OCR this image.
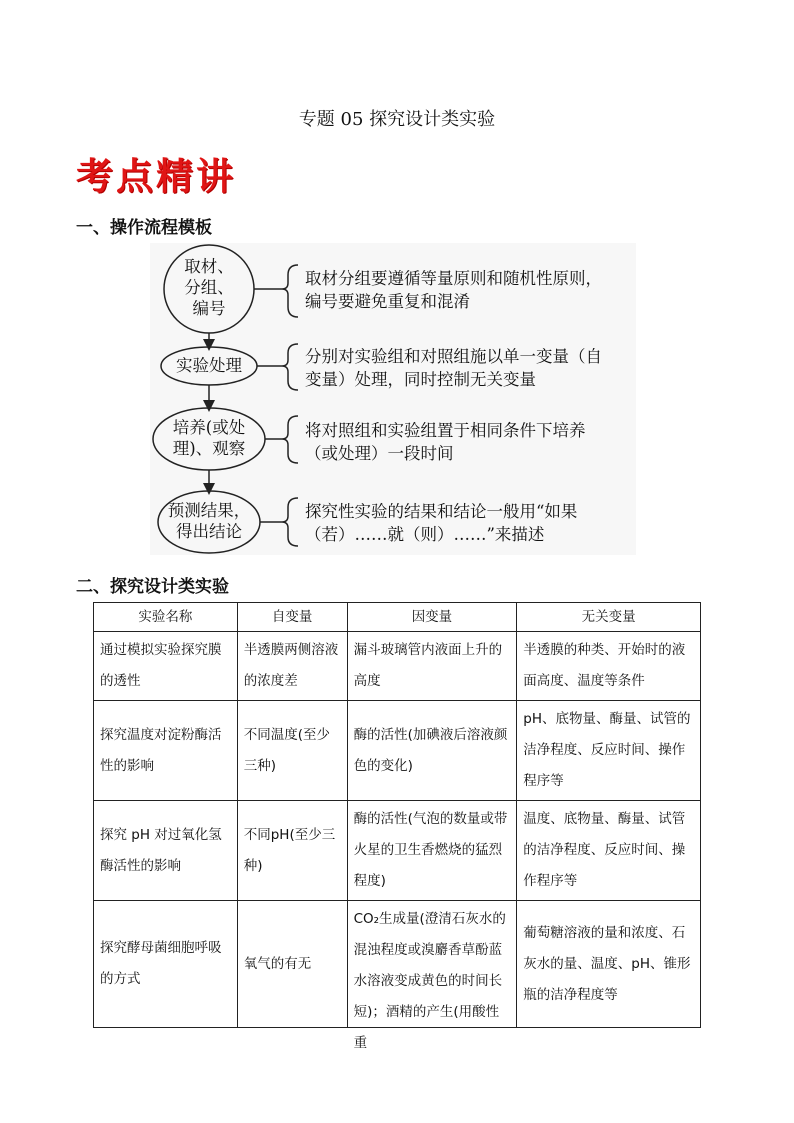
专题 05 探究设计类实验
考点精讲
一、操作流程模板
取材、
分组、
编号
实验处理
培养(或处
理)、观察
预测结果，
得出结论
取材分组要遵循等量原则和随机性原则，
编号要避免重复和混淆
分别对实验组和对照组施以单一变量（自
变量）处理，同时控制无关变量
将对照组和实验组置于相同条件下培养
（或处理）一段时间
探究性实验的结果和结论一般用“如果
（若）……就（则）……”来描述
二、探究设计类实验
实验名称	自变量	因变量	无关变量
通过模拟实验探究膜的透性	半透膜两侧溶液的浓度差	漏斗玻璃管内液面上升的高度	半透膜的种类、开始时的液面高度、温度等条件
探究温度对淀粉酶活性的影响	不同温度(至少三种)	酶的活性(加碘液后溶液颜色的变化)	pH、底物量、酶量、试管的洁净程度、反应时间、操作程序等
探究 pH 对过氧化氢酶活性的影响	不同pH(至少三种)	酶的活性(气泡的数量或带火星的卫生香燃烧的猛烈程度)	温度、底物量、酶量、试管的洁净程度、反应时间、操作程序等
探究酵母菌细胞呼吸的方式	氧气的有无	CO₂生成量(澄清石灰水的混浊程度或溴麝香草酚蓝水溶液变成黄色的时间长短)；酒精的产生(用酸性重	葡萄糖溶液的量和浓度、石灰水的量、温度、pH、锥形瓶的洁净程度等
